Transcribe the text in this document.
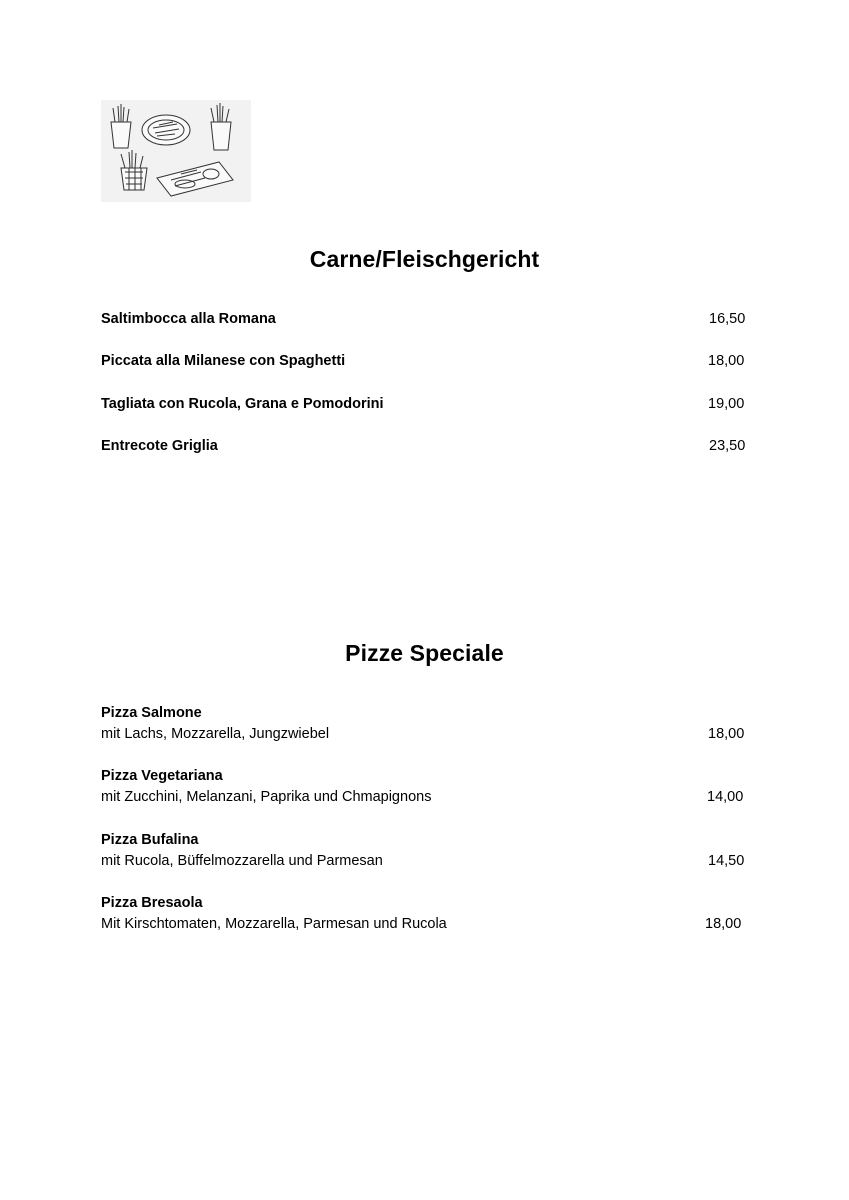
Carne/Fleischgericht
Saltimbocca alla Romana	16,50
Piccata alla Milanese con Spaghetti	18,00
Tagliata con Rucola, Grana e Pomodorini	19,00
Entrecote Griglia	23,50
Pizze Speciale
Pizza Salmone
mit Lachs, Mozzarella, Jungzwiebel	18,00
Pizza Vegetariana
mit Zucchini, Melanzani, Paprika und Chmapignons	14,00
Pizza Bufalina
mit Rucola, Büffelmozzarella und Parmesan	14,50
Pizza Bresaola
Mit Kirschtomaten, Mozzarella, Parmesan und Rucola	18,00
